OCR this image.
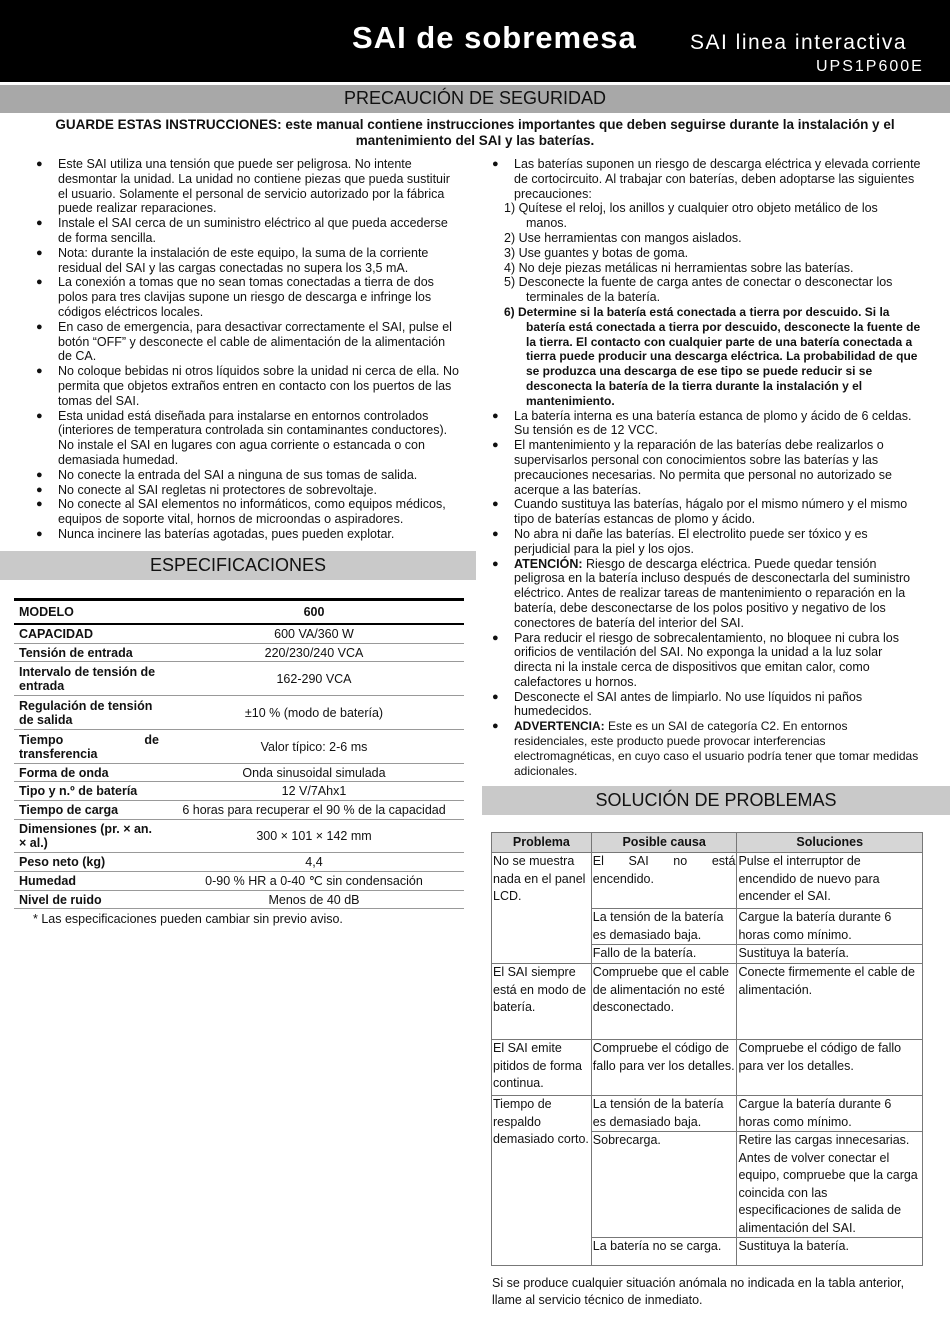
SAI de sobremesa	SAI linea interactiva
UPS1P600E
PRECAUCIÓN DE SEGURIDAD
GUARDE ESTAS INSTRUCCIONES: este manual contiene instrucciones importantes que deben seguirse durante la instalación y el mantenimiento del SAI y las baterías.
● Este SAI utiliza una tensión que puede ser peligrosa. No intente desmontar la unidad. La unidad no contiene piezas que pueda sustituir el usuario. Solamente el personal de servicio autorizado por la fábrica puede realizar reparaciones.
● Instale el SAI cerca de un suministro eléctrico al que pueda accederse de forma sencilla.
● Nota: durante la instalación de este equipo, la suma de la corriente residual del SAI y las cargas conectadas no supera los 3,5 mA.
● La conexión a tomas que no sean tomas conectadas a tierra de dos polos para tres clavijas supone un riesgo de descarga e infringe los códigos eléctricos locales.
● En caso de emergencia, para desactivar correctamente el SAI, pulse el botón “OFF” y desconecte el cable de alimentación de la alimentación de CA.
● No coloque bebidas ni otros líquidos sobre la unidad ni cerca de ella. No permita que objetos extraños entren en contacto con los puertos de las tomas del SAI.
● Esta unidad está diseñada para instalarse en entornos controlados (interiores de temperatura controlada sin contaminantes conductores). No instale el SAI en lugares con agua corriente o estancada o con demasiada humedad.
● No conecte la entrada del SAI a ninguna de sus tomas de salida.
● No conecte al SAI regletas ni protectores de sobrevoltaje.
● No conecte al SAI elementos no informáticos, como equipos médicos, equipos de soporte vital, hornos de microondas o aspiradores.
● Nunca incinere las baterías agotadas, pues pueden explotar.
● Las baterías suponen un riesgo de descarga eléctrica y elevada corriente de cortocircuito. Al trabajar con baterías, deben adoptarse las siguientes precauciones:
1) Quítese el reloj, los anillos y cualquier otro objeto metálico de los manos.
2) Use herramientas con mangos aislados.
3) Use guantes y botas de goma.
4) No deje piezas metálicas ni herramientas sobre las baterías.
5) Desconecte la fuente de carga antes de conectar o desconectar los terminales de la batería.
6) Determine si la batería está conectada a tierra por descuido. Si la batería está conectada a tierra por descuido, desconecte la fuente de la tierra. El contacto con cualquier parte de una batería conectada a tierra puede producir una descarga eléctrica. La probabilidad de que se produzca una descarga de ese tipo se puede reducir si se desconecta la batería de la tierra durante la instalación y el mantenimiento.
● La batería interna es una batería estanca de plomo y ácido de 6 celdas. Su tensión es de 12 VCC.
● El mantenimiento y la reparación de las baterías debe realizarlos o supervisarlos personal con conocimientos sobre las baterías y las precauciones necesarias. No permita que personal no autorizado se acerque a las baterías.
● Cuando sustituya las baterías, hágalo por el mismo número y el mismo tipo de baterías estancas de plomo y ácido.
● No abra ni dañe las baterías. El electrolito puede ser tóxico y es perjudicial para la piel y los ojos.
● ATENCIÓN: Riesgo de descarga eléctrica. Puede quedar tensión peligrosa en la batería incluso después de desconectarla del suministro eléctrico. Antes de realizar tareas de mantenimiento o reparación en la batería, debe desconectarse de los polos positivo y negativo de los conectores de batería del interior del SAI.
● Para reducir el riesgo de sobrecalentamiento, no bloquee ni cubra los orificios de ventilación del SAI. No exponga la unidad a la luz solar directa ni la instale cerca de dispositivos que emitan calor, como calefactores u hornos.
● Desconecte el SAI antes de limpiarlo. No use líquidos ni paños humedecidos.
● ADVERTENCIA: Este es un SAI de categoría C2. En entornos residenciales, este producto puede provocar interferencias electromagnéticas, en cuyo caso el usuario podría tener que tomar medidas adicionales.
ESPECIFICACIONES
MODELO	600
CAPACIDAD	600 VA/360 W
Tensión de entrada	220/230/240 VCA
Intervalo de tensión de entrada	162-290 VCA
Regulación de tensión de salida	±10 % (modo de batería)
Tiempo de transferencia	Valor típico: 2-6 ms
Forma de onda	Onda sinusoidal simulada
Tipo y n.º de batería	12 V/7Ahx1
Tiempo de carga	6 horas para recuperar el 90 % de la capacidad
Dimensiones (pr. × an. × al.)	300 × 101 × 142 mm
Peso neto (kg)	4,4
Humedad	0-90 % HR a 0-40 ℃ sin condensación
Nivel de ruido	Menos de 40 dB
* Las especificaciones pueden cambiar sin previo aviso.
SOLUCIÓN DE PROBLEMAS
Problema	Posible causa	Soluciones
No se muestra nada en el panel LCD.	El SAI no está encendido.	Pulse el interruptor de encendido de nuevo para encender el SAI.
	La tensión de la batería es demasiado baja.	Cargue la batería durante 6 horas como mínimo.
	Fallo de la batería.	Sustituya la batería.
El SAI siempre está en modo de batería.	Compruebe que el cable de alimentación no esté desconectado.	Conecte firmemente el cable de alimentación.
El SAI emite pitidos de forma continua.	Compruebe el código de fallo para ver los detalles.	Compruebe el código de fallo para ver los detalles.
Tiempo de respaldo demasiado corto.	La tensión de la batería es demasiado baja.	Cargue la batería durante 6 horas como mínimo.
	Sobrecarga.	Retire las cargas innecesarias. Antes de volver conectar el equipo, compruebe que la carga coincida con las especificaciones de salida de alimentación del SAI.
	La batería no se carga.	Sustituya la batería.
Si se produce cualquier situación anómala no indicada en la tabla anterior, llame al servicio técnico de inmediato.
